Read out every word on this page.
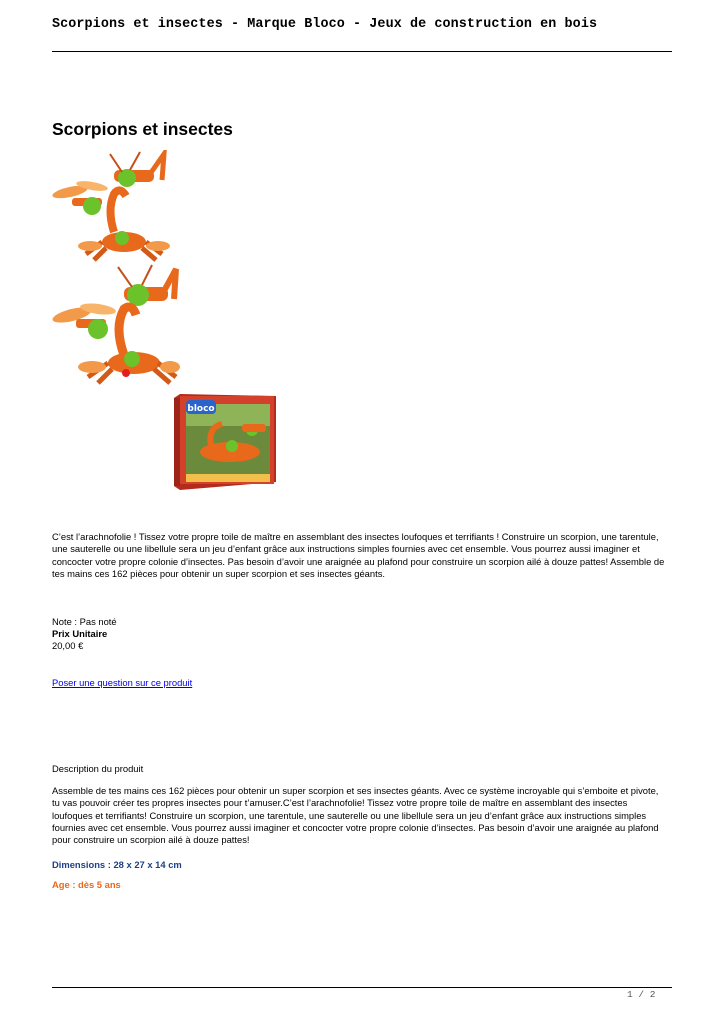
Scorpions et insectes - Marque Bloco - Jeux de construction en bois
Scorpions et insectes
bloco
C’est l’arachnofolie ! Tissez votre propre toile de maître en assemblant des insectes loufoques et terrifiants ! Construire un scorpion, une tarentule, une sauterelle ou une libellule sera un jeu d’enfant grâce aux instructions simples fournies avec cet ensemble. Vous pourrez aussi imaginer et concocter votre propre colonie d’insectes. Pas besoin d’avoir une araignée au plafond pour construire un scorpion ailé à douze pattes! Assemble de tes mains ces 162 pièces pour obtenir un super scorpion et ses insectes géants.
Note : Pas noté
Prix Unitaire
20,00 €
Poser une question sur ce produit
Description du produit
Assemble de tes mains ces 162 pièces pour obtenir un super scorpion et ses insectes géants. Avec ce système incroyable qui s’emboite et pivote, tu vas pouvoir créer tes propres insectes pour t’amuser.C’est l’arachnofolie! Tissez votre propre toile de maître en assemblant des insectes loufoques et terrifiants! Construire un scorpion, une tarentule, une sauterelle ou une libellule sera un jeu d’enfant grâce aux instructions simples fournies avec cet ensemble. Vous pourrez aussi imaginer et concocter votre propre colonie d’insectes. Pas besoin d’avoir une araignée au plafond pour construire un scorpion ailé à douze pattes!
Dimensions : 28 x 27 x 14 cm
Age : dès 5 ans
1 / 2
